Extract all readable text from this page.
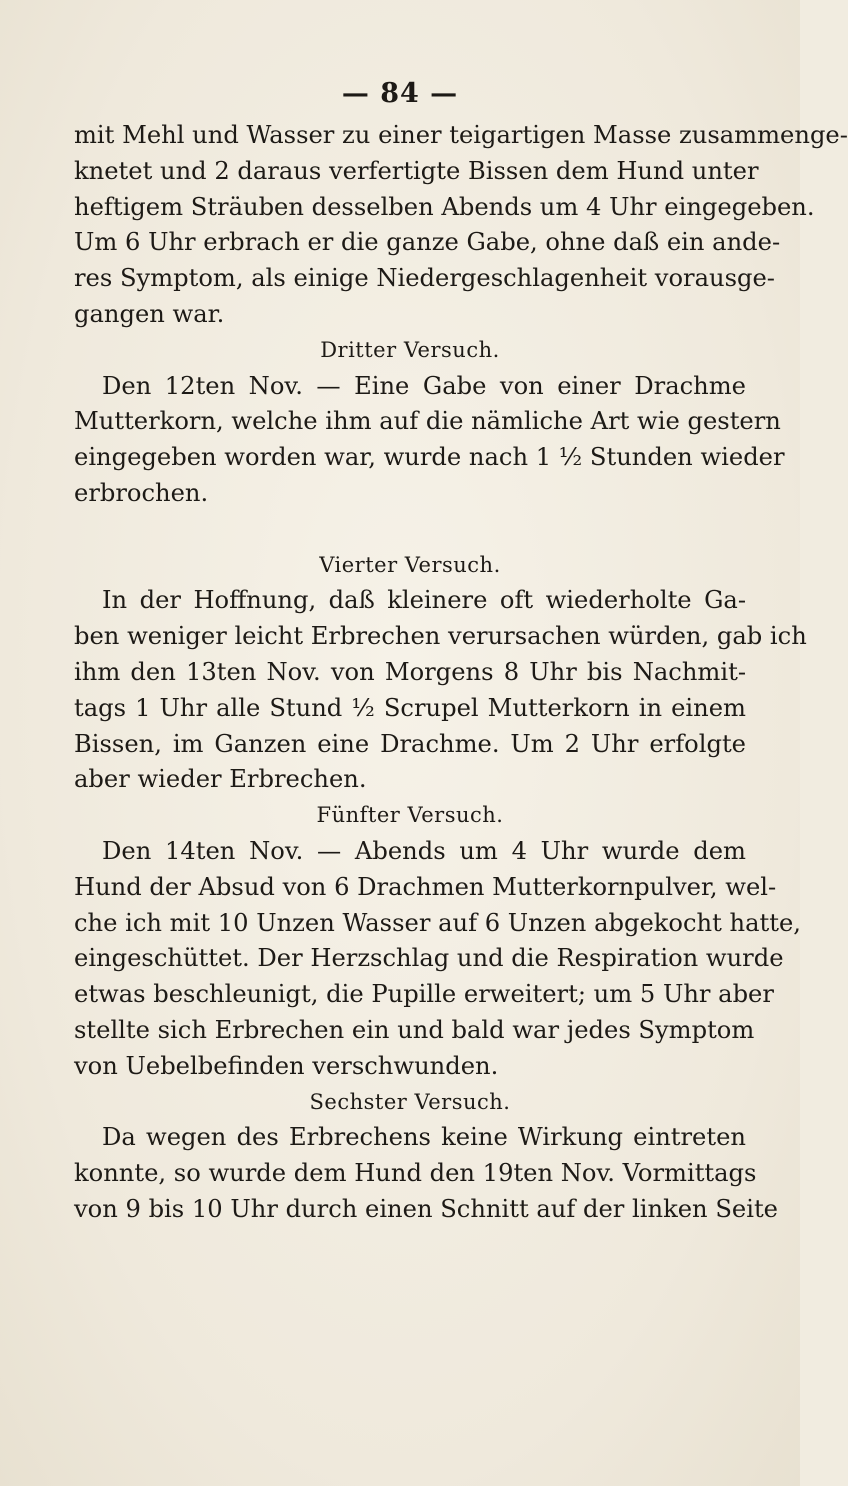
— 84 —
mit Mehl und Wasser zu einer teigartigen Masse zusammenge-
knetet und 2 daraus verfertigte Bissen dem Hund unter
heftigem Sträuben desselben Abends um 4 Uhr eingegeben.
Um 6 Uhr erbrach er die ganze Gabe, ohne daß ein ande-
res Symptom, als einige Niedergeschlagenheit vorausge-
gangen war.
Dritter Versuch.
Den 12ten Nov. — Eine Gabe von einer Drachme
Mutterkorn, welche ihm auf die nämliche Art wie gestern
eingegeben worden war, wurde nach 1 ½ Stunden wieder
erbrochen.
Vierter Versuch.
In der Hoffnung, daß kleinere oft wiederholte Ga-
ben weniger leicht Erbrechen verursachen würden, gab ich
ihm den 13ten Nov. von Morgens 8 Uhr bis Nachmit-
tags 1 Uhr alle Stund ½ Scrupel Mutterkorn in einem
Bissen, im Ganzen eine Drachme. Um 2 Uhr erfolgte
aber wieder Erbrechen.
Fünfter Versuch.
Den 14ten Nov. — Abends um 4 Uhr wurde dem
Hund der Absud von 6 Drachmen Mutterkornpulver, wel-
che ich mit 10 Unzen Wasser auf 6 Unzen abgekocht hatte,
eingeschüttet. Der Herzschlag und die Respiration wurde
etwas beschleunigt, die Pupille erweitert; um 5 Uhr aber
stellte sich Erbrechen ein und bald war jedes Symptom
von Uebelbefinden verschwunden.
Sechster Versuch.
Da wegen des Erbrechens keine Wirkung eintreten
konnte, so wurde dem Hund den 19ten Nov. Vormittags
von 9 bis 10 Uhr durch einen Schnitt auf der linken Seite
